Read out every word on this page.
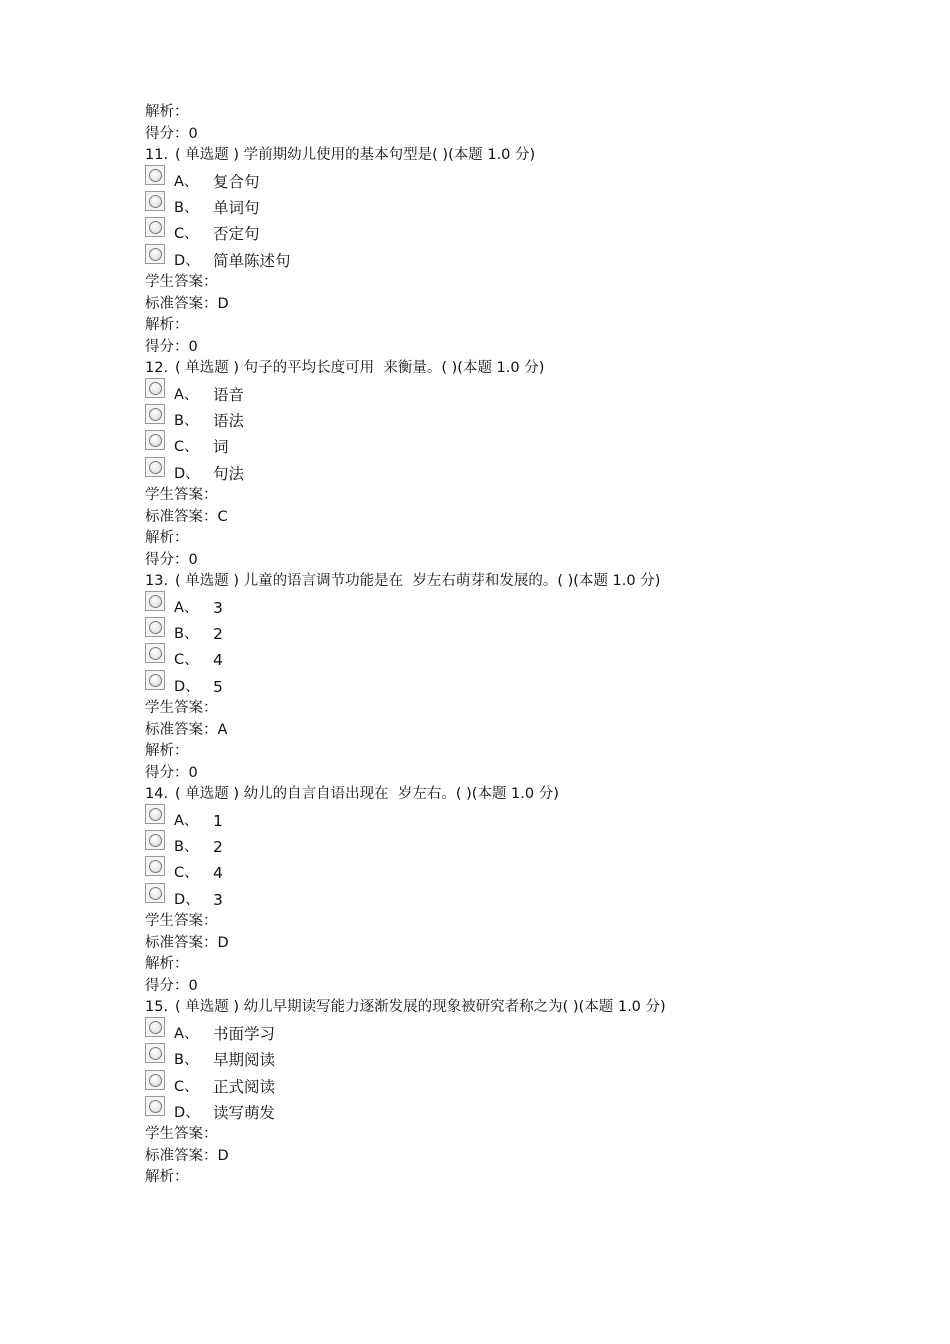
解析：
得分：0
11. ( 单选题 ) 学前期幼儿使用的基本句型是( )(本题 1.0 分)
A、 复合句
B、 单词句
C、 否定句
D、 简单陈述句
学生答案：
标准答案：D
解析：
得分：0
12. ( 单选题 ) 句子的平均长度可用  来衡量。( )(本题 1.0 分)
A、 语音
B、 语法
C、 词
D、 句法
学生答案：
标准答案：C
解析：
得分：0
13. ( 单选题 ) 儿童的语言调节功能是在  岁左右萌芽和发展的。( )(本题 1.0 分)
A、 3
B、 2
C、 4
D、 5
学生答案：
标准答案：A
解析：
得分：0
14. ( 单选题 ) 幼儿的自言自语出现在  岁左右。( )(本题 1.0 分)
A、 1
B、 2
C、 4
D、 3
学生答案：
标准答案：D
解析：
得分：0
15. ( 单选题 ) 幼儿早期读写能力逐渐发展的现象被研究者称之为( )(本题 1.0 分)
A、 书面学习
B、 早期阅读
C、 正式阅读
D、 读写萌发
学生答案：
标准答案：D
解析：
